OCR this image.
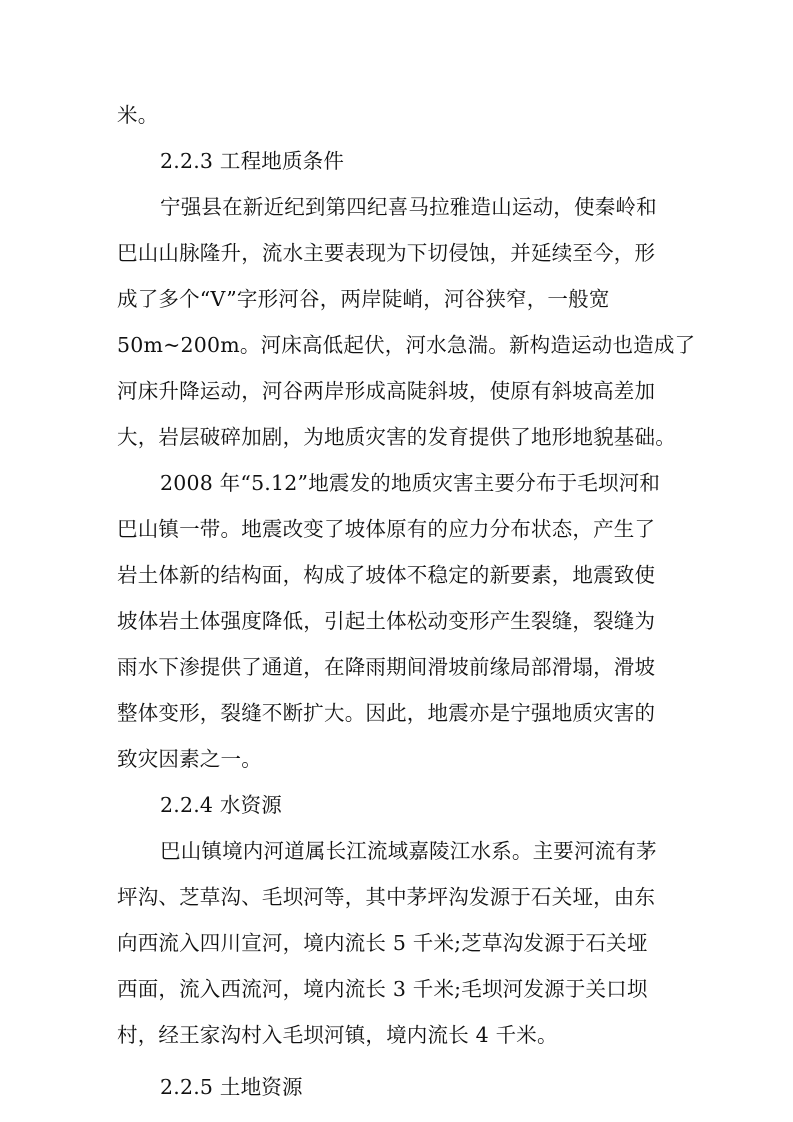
米。
2.2.3 工程地质条件
宁强县在新近纪到第四纪喜马拉雅造山运动，使秦岭和
巴山山脉隆升，流水主要表现为下切侵蚀，并延续至今，形
成了多个“V”字形河谷，两岸陡峭，河谷狭窄，一般宽
50m~200m。河床高低起伏，河水急湍。新构造运动也造成了
河床升降运动，河谷两岸形成高陡斜坡，使原有斜坡高差加
大，岩层破碎加剧，为地质灾害的发育提供了地形地貌基础。
2008 年“5.12”地震发的地质灾害主要分布于毛坝河和
巴山镇一带。地震改变了坡体原有的应力分布状态，产生了
岩土体新的结构面，构成了坡体不稳定的新要素，地震致使
坡体岩土体强度降低，引起土体松动变形产生裂缝，裂缝为
雨水下渗提供了通道，在降雨期间滑坡前缘局部滑塌，滑坡
整体变形，裂缝不断扩大。因此，地震亦是宁强地质灾害的
致灾因素之一。
2.2.4 水资源
巴山镇境内河道属长江流域嘉陵江水系。主要河流有茅
坪沟、芝草沟、毛坝河等，其中茅坪沟发源于石关垭，由东
向西流入四川宣河，境内流长 5 千米;芝草沟发源于石关垭
西面，流入西流河，境内流长 3 千米;毛坝河发源于关口坝
村，经王家沟村入毛坝河镇，境内流长 4 千米。
2.2.5 土地资源
